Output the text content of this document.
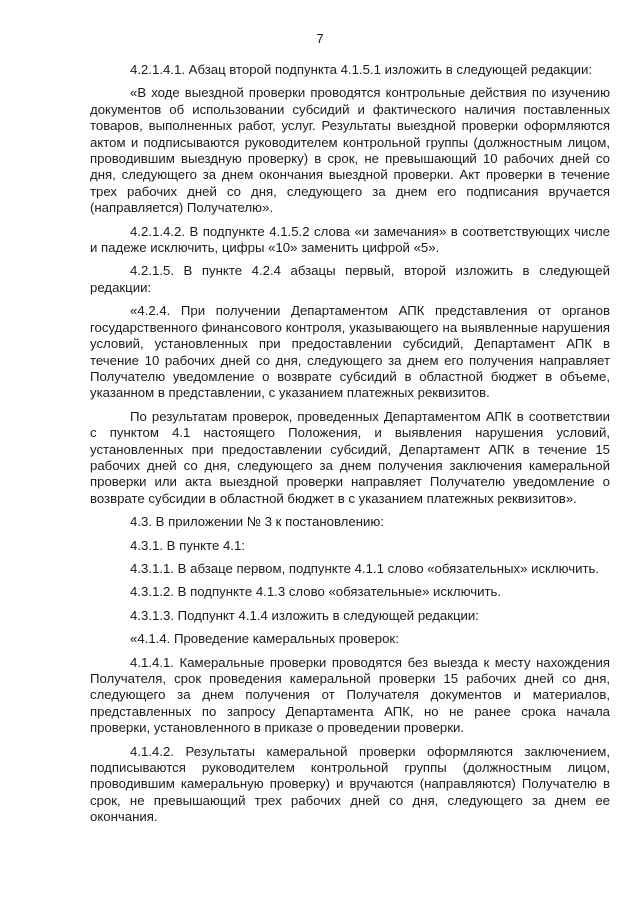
7

4.2.1.4.1. Абзац второй подпункта 4.1.5.1 изложить в следующей редакции:

«В ходе выездной проверки проводятся контрольные действия по изучению документов об использовании субсидий и фактического наличия поставленных товаров, выполненных работ, услуг. Результаты выездной проверки оформляются актом и подписываются руководителем контрольной группы (должностным лицом, проводившим выездную проверку) в срок, не превышающий 10 рабочих дней со дня, следующего за днем окончания выездной проверки. Акт проверки в течение трех рабочих дней со дня, следующего за днем его подписания вручается (направляется) Получателю».

4.2.1.4.2. В подпункте 4.1.5.2 слова «и замечания» в соответствующих числе и падеже исключить, цифры «10» заменить цифрой «5».

4.2.1.5. В пункте 4.2.4 абзацы первый, второй изложить в следующей редакции:

«4.2.4. При получении Департаментом АПК представления от органов государственного финансового контроля, указывающего на выявленные нарушения условий, установленных при предоставлении субсидий, Департамент АПК в течение 10 рабочих дней со дня, следующего за днем его получения направляет Получателю уведомление о возврате субсидий в областной бюджет в объеме, указанном в представлении, с указанием платежных реквизитов.

По результатам проверок, проведенных Департаментом АПК в соответствии с пунктом 4.1 настоящего Положения, и выявления нарушения условий, установленных при предоставлении субсидий, Департамент АПК в течение 15 рабочих дней со дня, следующего за днем получения заключения камеральной проверки или акта выездной проверки направляет Получателю уведомление о возврате субсидии в областной бюджет в с указанием платежных реквизитов».

4.3. В приложении № 3 к постановлению:

4.3.1. В пункте 4.1:

4.3.1.1. В абзаце первом, подпункте 4.1.1 слово «обязательных» исключить.

4.3.1.2. В подпункте 4.1.3 слово «обязательные» исключить.

4.3.1.3. Подпункт 4.1.4 изложить в следующей редакции:

«4.1.4. Проведение камеральных проверок:

4.1.4.1. Камеральные проверки проводятся без выезда к месту нахождения Получателя, срок проведения камеральной проверки 15 рабочих дней со дня, следующего за днем получения от Получателя документов и материалов, представленных по запросу Департамента АПК, но не ранее срока начала проверки, установленного в приказе о проведении проверки.

4.1.4.2. Результаты камеральной проверки оформляются заключением, подписываются руководителем контрольной группы (должностным лицом, проводившим камеральную проверку) и вручаются (направляются) Получателю в срок, не превышающий трех рабочих дней со дня, следующего за днем ее окончания.
